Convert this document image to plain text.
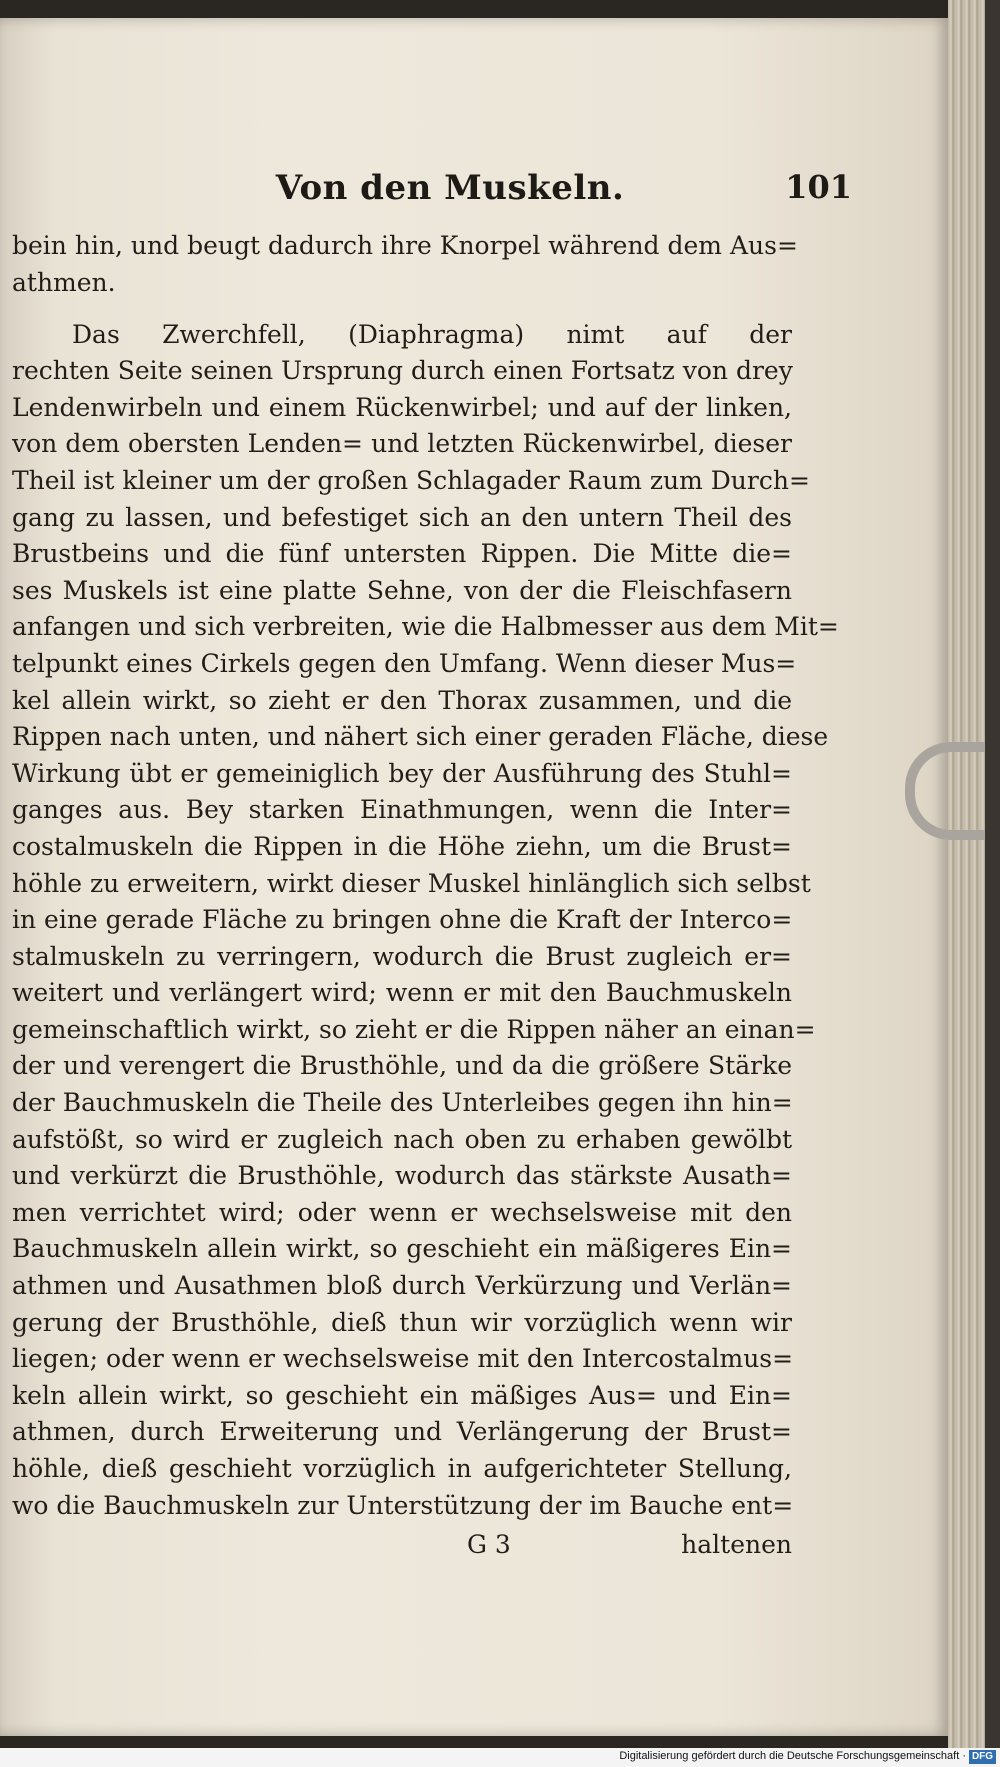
Von den Muskeln.	101
bein hin, und beugt dadurch ihre Knorpel während dem Aus=
athmen.
Das Zwerchfell, (Diaphragma) nimt auf der
rechten Seite seinen Ursprung durch einen Fortsatz von drey
Lendenwirbeln und einem Rückenwirbel; und auf der linken,
von dem obersten Lenden= und letzten Rückenwirbel, dieser
Theil ist kleiner um der großen Schlagader Raum zum Durch=
gang zu lassen, und befestiget sich an den untern Theil des
Brustbeins und die fünf untersten Rippen. Die Mitte die=
ses Muskels ist eine platte Sehne, von der die Fleischfasern
anfangen und sich verbreiten, wie die Halbmesser aus dem Mit=
telpunkt eines Cirkels gegen den Umfang. Wenn dieser Mus=
kel allein wirkt, so zieht er den Thorax zusammen, und die
Rippen nach unten, und nähert sich einer geraden Fläche, diese
Wirkung übt er gemeiniglich bey der Ausführung des Stuhl=
ganges aus. Bey starken Einathmungen, wenn die Inter=
costalmuskeln die Rippen in die Höhe ziehn, um die Brust=
höhle zu erweitern, wirkt dieser Muskel hinlänglich sich selbst
in eine gerade Fläche zu bringen ohne die Kraft der Interco=
stalmuskeln zu verringern, wodurch die Brust zugleich er=
weitert und verlängert wird; wenn er mit den Bauchmuskeln
gemeinschaftlich wirkt, so zieht er die Rippen näher an einan=
der und verengert die Brusthöhle, und da die größere Stärke
der Bauchmuskeln die Theile des Unterleibes gegen ihn hin=
aufstößt, so wird er zugleich nach oben zu erhaben gewölbt
und verkürzt die Brusthöhle, wodurch das stärkste Ausath=
men verrichtet wird; oder wenn er wechselsweise mit den
Bauchmuskeln allein wirkt, so geschieht ein mäßigeres Ein=
athmen und Ausathmen bloß durch Verkürzung und Verlän=
gerung der Brusthöhle, dieß thun wir vorzüglich wenn wir
liegen; oder wenn er wechselsweise mit den Intercostalmus=
keln allein wirkt, so geschieht ein mäßiges Aus= und Ein=
athmen, durch Erweiterung und Verlängerung der Brust=
höhle, dieß geschieht vorzüglich in aufgerichteter Stellung,
wo die Bauchmuskeln zur Unterstützung der im Bauche ent=
G 3	haltenen
Digitalisierung gefördert durch die Deutsche Forschungsgemeinschaft · DFG
